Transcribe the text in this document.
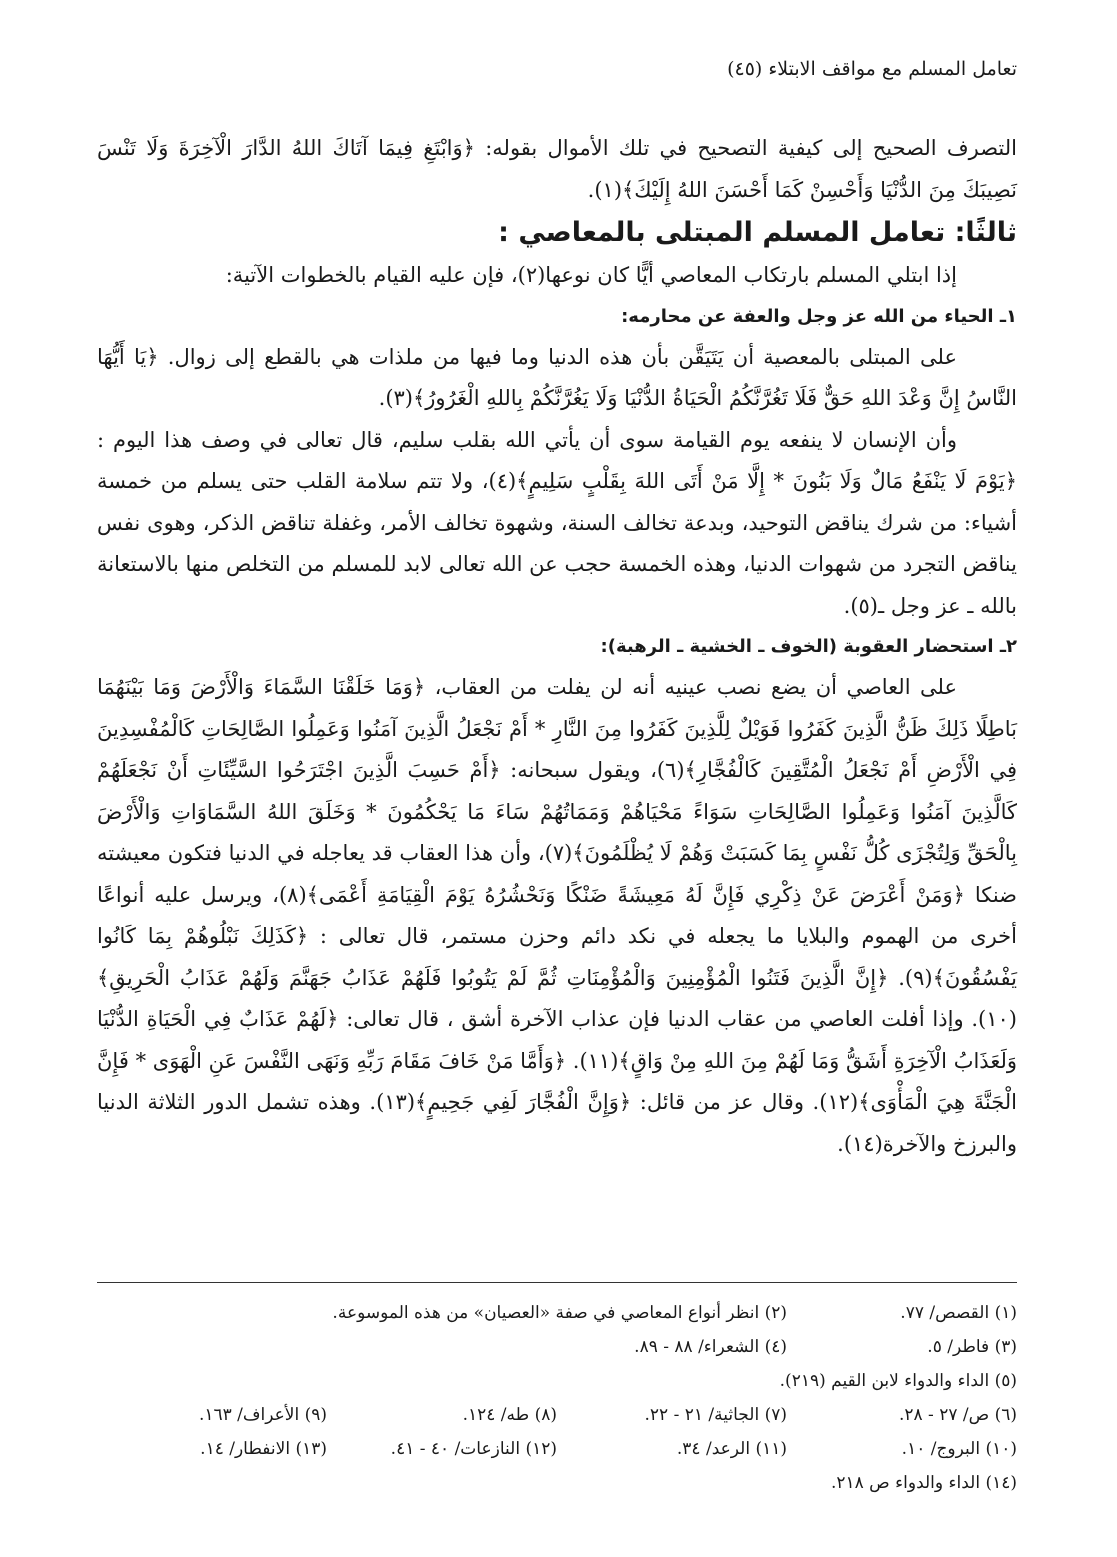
تعامل المسلم مع مواقف الابتلاء (٤٥)

التصرف الصحيح إلى كيفية التصحيح في تلك الأموال بقوله: ﴿وَابْتَغِ فِيمَا آتَاكَ اللهُ الدَّارَ الْآخِرَةَ وَلَا تَنْسَ نَصِيبَكَ مِنَ الدُّنْيَا وَأَحْسِنْ كَمَا أَحْسَنَ اللهُ إِلَيْكَ﴾(١).

ثالثًا: تعامل المسلم المبتلى بالمعاصي :

إذا ابتلي المسلم بارتكاب المعاصي أيًّا كان نوعها(٢)، فإن عليه القيام بالخطوات الآتية:

١ـ الحياء من الله عز وجل والعفة عن محارمه:

على المبتلى بالمعصية أن يَتَيَقَّن بأن هذه الدنيا وما فيها من ملذات هي بالقطع إلى زوال. ﴿يَا أَيُّهَا النَّاسُ إِنَّ وَعْدَ اللهِ حَقٌّ فَلَا تَغُرَّنَّكُمُ الْحَيَاةُ الدُّنْيَا وَلَا يَغُرَّنَّكُمْ بِاللهِ الْغَرُورُ﴾(٣).

وأن الإنسان لا ينفعه يوم القيامة سوى أن يأتي الله بقلب سليم، قال تعالى في وصف هذا اليوم : ﴿يَوْمَ لَا يَنْفَعُ مَالٌ وَلَا بَنُونَ * إِلَّا مَنْ أَتَى اللهَ بِقَلْبٍ سَلِيمٍ﴾(٤)، ولا تتم سلامة القلب حتى يسلم من خمسة أشياء: من شرك يناقض التوحيد، وبدعة تخالف السنة، وشهوة تخالف الأمر، وغفلة تناقض الذكر، وهوى نفس يناقض التجرد من شهوات الدنيا، وهذه الخمسة حجب عن الله تعالى لابد للمسلم من التخلص منها بالاستعانة بالله ـ عز وجل ـ(٥).

٢ـ استحضار العقوبة (الخوف ـ الخشية ـ الرهبة):

على العاصي أن يضع نصب عينيه أنه لن يفلت من العقاب، ﴿وَمَا خَلَقْنَا السَّمَاءَ وَالْأَرْضَ وَمَا بَيْنَهُمَا بَاطِلًا ذَلِكَ ظَنُّ الَّذِينَ كَفَرُوا فَوَيْلٌ لِلَّذِينَ كَفَرُوا مِنَ النَّارِ * أَمْ نَجْعَلُ الَّذِينَ آمَنُوا وَعَمِلُوا الصَّالِحَاتِ كَالْمُفْسِدِينَ فِي الْأَرْضِ أَمْ نَجْعَلُ الْمُتَّقِينَ كَالْفُجَّارِ﴾(٦)، ويقول سبحانه: ﴿أَمْ حَسِبَ الَّذِينَ اجْتَرَحُوا السَّيِّئَاتِ أَنْ نَجْعَلَهُمْ كَالَّذِينَ آمَنُوا وَعَمِلُوا الصَّالِحَاتِ سَوَاءً مَحْيَاهُمْ وَمَمَاتُهُمْ سَاءَ مَا يَحْكُمُونَ * وَخَلَقَ اللهُ السَّمَاوَاتِ وَالْأَرْضَ بِالْحَقِّ وَلِتُجْزَى كُلُّ نَفْسٍ بِمَا كَسَبَتْ وَهُمْ لَا يُظْلَمُونَ﴾(٧)، وأن هذا العقاب قد يعاجله في الدنيا فتكون معيشته ضنكا ﴿وَمَنْ أَعْرَضَ عَنْ ذِكْرِي فَإِنَّ لَهُ مَعِيشَةً ضَنْكًا وَنَحْشُرُهُ يَوْمَ الْقِيَامَةِ أَعْمَى﴾(٨)، ويرسل عليه أنواعًا أخرى من الهموم والبلايا ما يجعله في نكد دائم وحزن مستمر، قال تعالى : ﴿كَذَلِكَ نَبْلُوهُمْ بِمَا كَانُوا يَفْسُقُونَ﴾(٩). ﴿إِنَّ الَّذِينَ فَتَنُوا الْمُؤْمِنِينَ وَالْمُؤْمِنَاتِ ثُمَّ لَمْ يَتُوبُوا فَلَهُمْ عَذَابُ جَهَنَّمَ وَلَهُمْ عَذَابُ الْحَرِيقِ﴾(١٠). وإذا أفلت العاصي من عقاب الدنيا فإن عذاب الآخرة أشق ، قال تعالى: ﴿لَهُمْ عَذَابٌ فِي الْحَيَاةِ الدُّنْيَا وَلَعَذَابُ الْآخِرَةِ أَشَقُّ وَمَا لَهُمْ مِنَ اللهِ مِنْ وَاقٍ﴾(١١). ﴿وَأَمَّا مَنْ خَافَ مَقَامَ رَبِّهِ وَنَهَى النَّفْسَ عَنِ الْهَوَى * فَإِنَّ الْجَنَّةَ هِيَ الْمَأْوَى﴾(١٢). وقال عز من قائل: ﴿وَإِنَّ الْفُجَّارَ لَفِي جَحِيمٍ﴾(١٣). وهذه تشمل الدور الثلاثة الدنيا والبرزخ والآخرة(١٤).

(١) القصص/ ٧٧.
(٢) انظر أنواع المعاصي في صفة «العصيان» من هذه الموسوعة.
(٣) فاطر/ ٥.
(٤) الشعراء/ ٨٨ - ٨٩.
(٥) الداء والدواء لابن القيم (٢١٩).
(٦) ص/ ٢٧ - ٢٨.
(٧) الجاثية/ ٢١ - ٢٢.
(٨) طه/ ١٢٤.
(٩) الأعراف/ ١٦٣.
(١٠) البروج/ ١٠.
(١١) الرعد/ ٣٤.
(١٢) النازعات/ ٤٠ - ٤١.
(١٣) الانفطار/ ١٤.
(١٤) الداء والدواء ص ٢١٨.
